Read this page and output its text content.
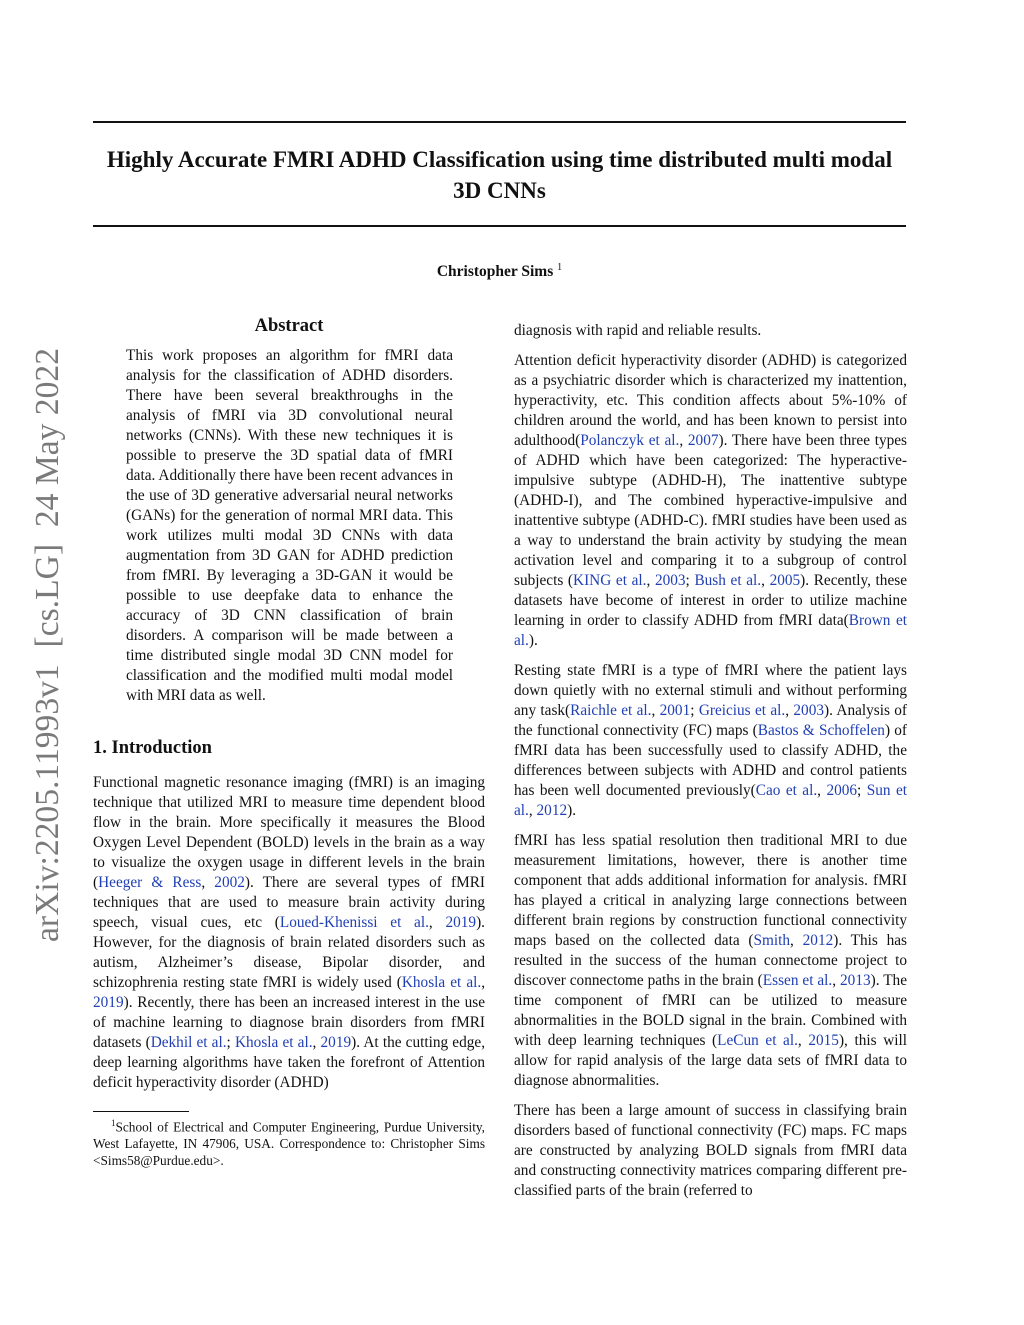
Highly Accurate FMRI ADHD Classification using time distributed multi modal 3D CNNs
Christopher Sims $^1$
arXiv:2205.11993v1  [cs.LG]  24 May 2022
Abstract

This work proposes an algorithm for fMRI data analysis for the classification of ADHD disorders. There have been several breakthroughs in the analysis of fMRI via 3D convolutional neural networks (CNNs). With these new techniques it is possible to preserve the 3D spatial data of fMRI data. Additionally there have been recent advances in the use of 3D generative adversarial neural networks (GANs) for the generation of normal MRI data. This work utilizes multi modal 3D CNNs with data augmentation from 3D GAN for ADHD prediction from fMRI. By leveraging a 3D-GAN it would be possible to use deepfake data to enhance the accuracy of 3D CNN classification of brain disorders. A comparison will be made between a time distributed single modal 3D CNN model for classification and the modified multi modal model with MRI data as well.

1. Introduction

Functional magnetic resonance imaging (fMRI) is an imaging technique that utilized MRI to measure time dependent blood flow in the brain. More specifically it measures the Blood Oxygen Level Dependent (BOLD) levels in the brain as a way to visualize the oxygen usage in different levels in the brain (Heeger & Ress, 2002). There are several types of fMRI techniques that are used to measure brain activity during speech, visual cues, etc (Loued-Khenissi et al., 2019). However, for the diagnosis of brain related disorders such as autism, Alzheimer’s disease, Bipolar disorder, and schizophrenia resting state fMRI is widely used (Khosla et al., 2019). Recently, there has been an increased interest in the use of machine learning to diagnose brain disorders from fMRI datasets (Dekhil et al.; Khosla et al., 2019). At the cutting edge, deep learning algorithms have taken the forefront of Attention deficit hyperactivity disorder (ADHD)

$^1$School of Electrical and Computer Engineering, Purdue University, West Lafayette, IN 47906, USA. Correspondence to: Christopher Sims <Sims58@Purdue.edu>.

diagnosis with rapid and reliable results.

Attention deficit hyperactivity disorder (ADHD) is categorized as a psychiatric disorder which is characterized my inattention, hyperactivity, etc. This condition affects about 5%-10% of children around the world, and has been known to persist into adulthood(Polanczyk et al., 2007). There have been three types of ADHD which have been categorized: The hyperactive-impulsive subtype (ADHD-H), The inattentive subtype (ADHD-I), and The combined hyperactive-impulsive and inattentive subtype (ADHD-C). fMRI studies have been used as a way to understand the brain activity by studying the mean activation level and comparing it to a subgroup of control subjects (KING et al., 2003; Bush et al., 2005). Recently, these datasets have become of interest in order to utilize machine learning in order to classify ADHD from fMRI data(Brown et al.).

Resting state fMRI is a type of fMRI where the patient lays down quietly with no external stimuli and without performing any task(Raichle et al., 2001; Greicius et al., 2003). Analysis of the functional connectivity (FC) maps (Bastos & Schoffelen) of fMRI data has been successfully used to classify ADHD, the differences between subjects with ADHD and control patients has been well documented previously(Cao et al., 2006; Sun et al., 2012).

fMRI has less spatial resolution then traditional MRI to due measurement limitations, however, there is another time component that adds additional information for analysis. fMRI has played a critical in analyzing large connections between different brain regions by construction functional connectivity maps based on the collected data (Smith, 2012). This has resulted in the success of the human connectome project to discover connectome paths in the brain (Essen et al., 2013). The time component of fMRI can be utilized to measure abnormalities in the BOLD signal in the brain. Combined with with deep learning techniques (LeCun et al., 2015), this will allow for rapid analysis of the large data sets of fMRI data to diagnose abnormalities.

There has been a large amount of success in classifying brain disorders based of functional connectivity (FC) maps. FC maps are constructed by analyzing BOLD signals from fMRI data and constructing connectivity matrices comparing different pre-classified parts of the brain (referred to
